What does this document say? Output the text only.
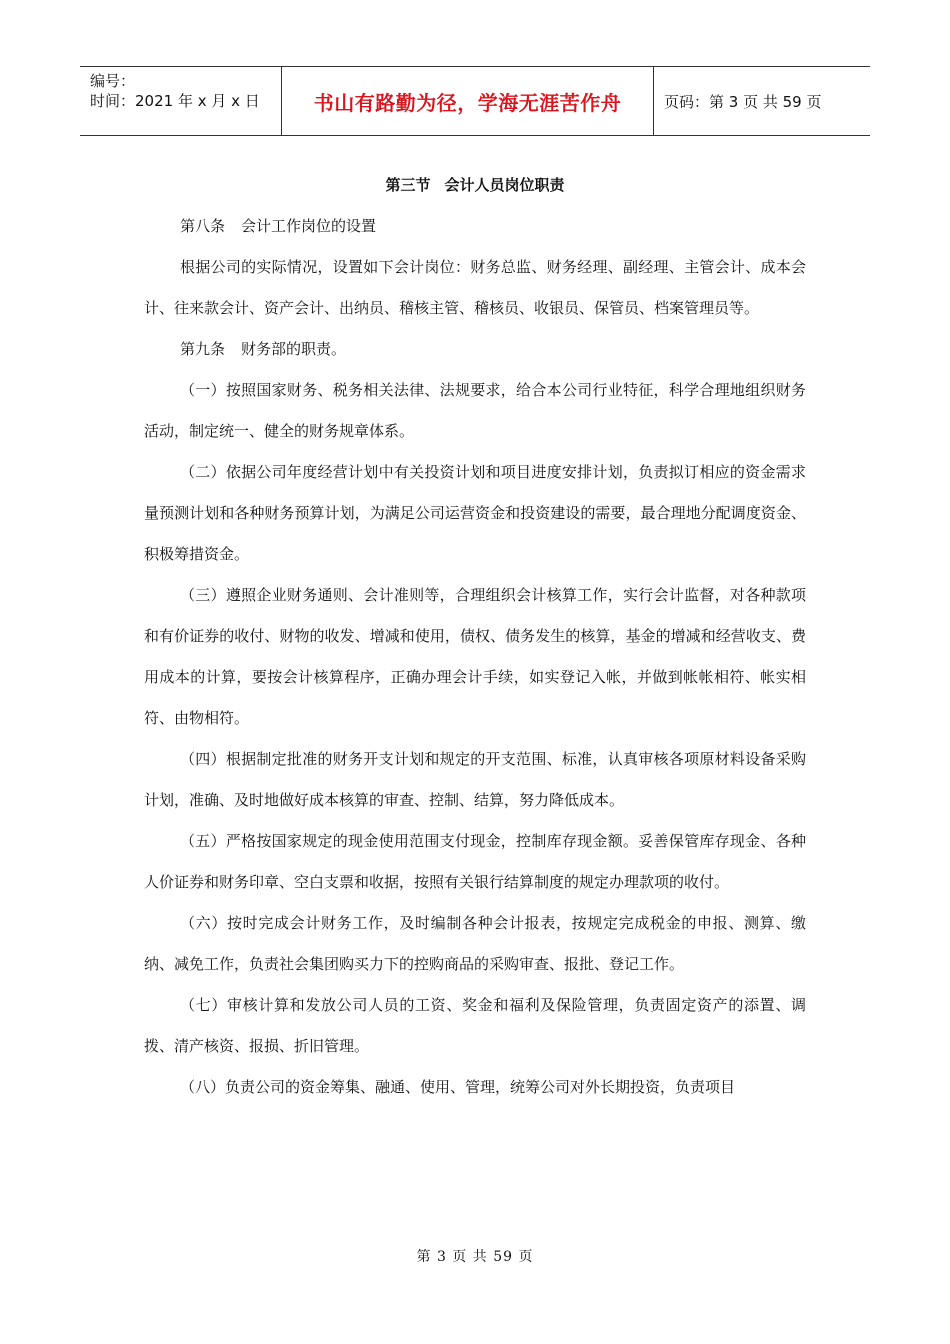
编号：
时间：2021 年 x 月 x 日	书山有路勤为径，学海无涯苦作舟	页码：第 3 页 共 59 页
第三节 会计人员岗位职责

第八条 会计工作岗位的设置

根据公司的实际情况，设置如下会计岗位：财务总监、财务经理、副经理、主管会计、成本会计、往来款会计、资产会计、出纳员、稽核主管、稽核员、收银员、保管员、档案管理员等。

第九条 财务部的职责。

（一）按照国家财务、税务相关法律、法规要求，给合本公司行业特征，科学合理地组织财务活动，制定统一、健全的财务规章体系。

（二）依据公司年度经营计划中有关投资计划和项目进度安排计划，负责拟订相应的资金需求量预测计划和各种财务预算计划，为满足公司运营资金和投资建设的需要，最合理地分配调度资金、积极筹措资金。

（三）遵照企业财务通则、会计准则等，合理组织会计核算工作，实行会计监督，对各种款项和有价证券的收付、财物的收发、增减和使用，债权、债务发生的核算，基金的增减和经营收支、费用成本的计算，要按会计核算程序，正确办理会计手续，如实登记入帐，并做到帐帐相符、帐实相符、由物相符。

（四）根据制定批准的财务开支计划和规定的开支范围、标准，认真审核各项原材料设备采购计划，准确、及时地做好成本核算的审查、控制、结算，努力降低成本。

（五）严格按国家规定的现金使用范围支付现金，控制库存现金额。妥善保管库存现金、各种人价证券和财务印章、空白支票和收据，按照有关银行结算制度的规定办理款项的收付。

（六）按时完成会计财务工作，及时编制各种会计报表，按规定完成税金的申报、测算、缴纳、减免工作，负责社会集团购买力下的控购商品的采购审查、报批、登记工作。

（七）审核计算和发放公司人员的工资、奖金和福利及保险管理，负责固定资产的添置、调拨、清产核资、报损、折旧管理。

（八）负责公司的资金筹集、融通、使用、管理，统筹公司对外长期投资，负责项目

第 3 页 共 59 页
